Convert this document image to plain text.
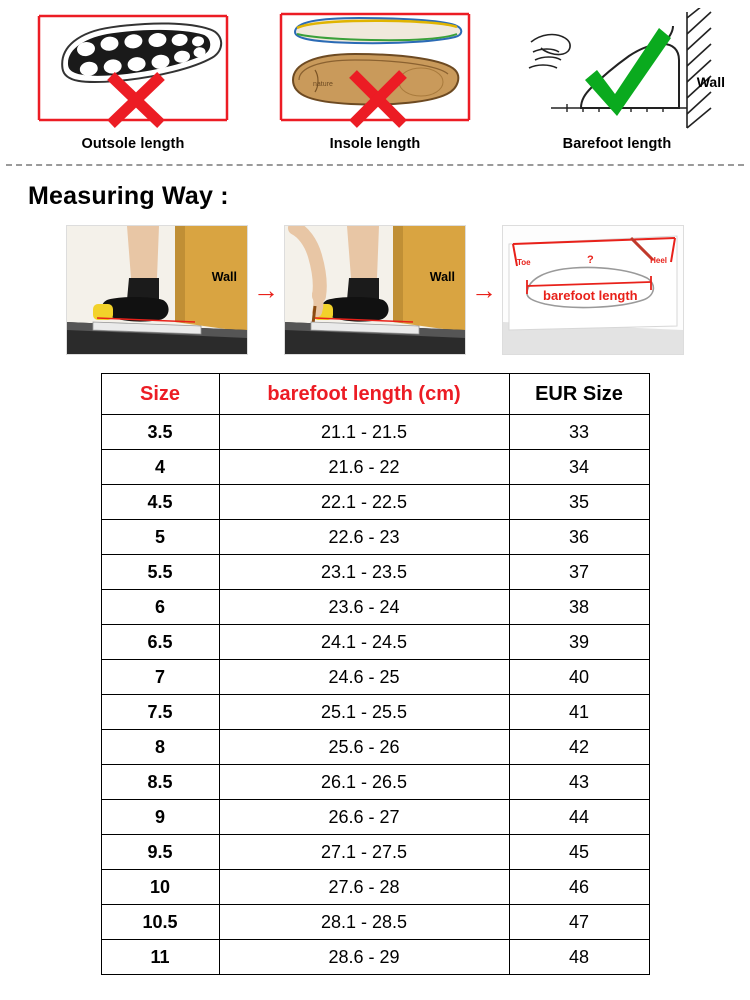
Outsole length
nature
Insole length
Wall
Barefoot length
Measuring Way :
Wall →	Wall →
Toe	Heel
?
barefoot length
Size	barefoot length (cm)	EUR Size
3.5	21.1 - 21.5	33
4	21.6 - 22	34
4.5	22.1 - 22.5	35
5	22.6 - 23	36
5.5	23.1 - 23.5	37
6	23.6 - 24	38
6.5	24.1 - 24.5	39
7	24.6 - 25	40
7.5	25.1 - 25.5	41
8	25.6 - 26	42
8.5	26.1 - 26.5	43
9	26.6 - 27	44
9.5	27.1 - 27.5	45
10	27.6 - 28	46
10.5	28.1 - 28.5	47
11	28.6 - 29	48
